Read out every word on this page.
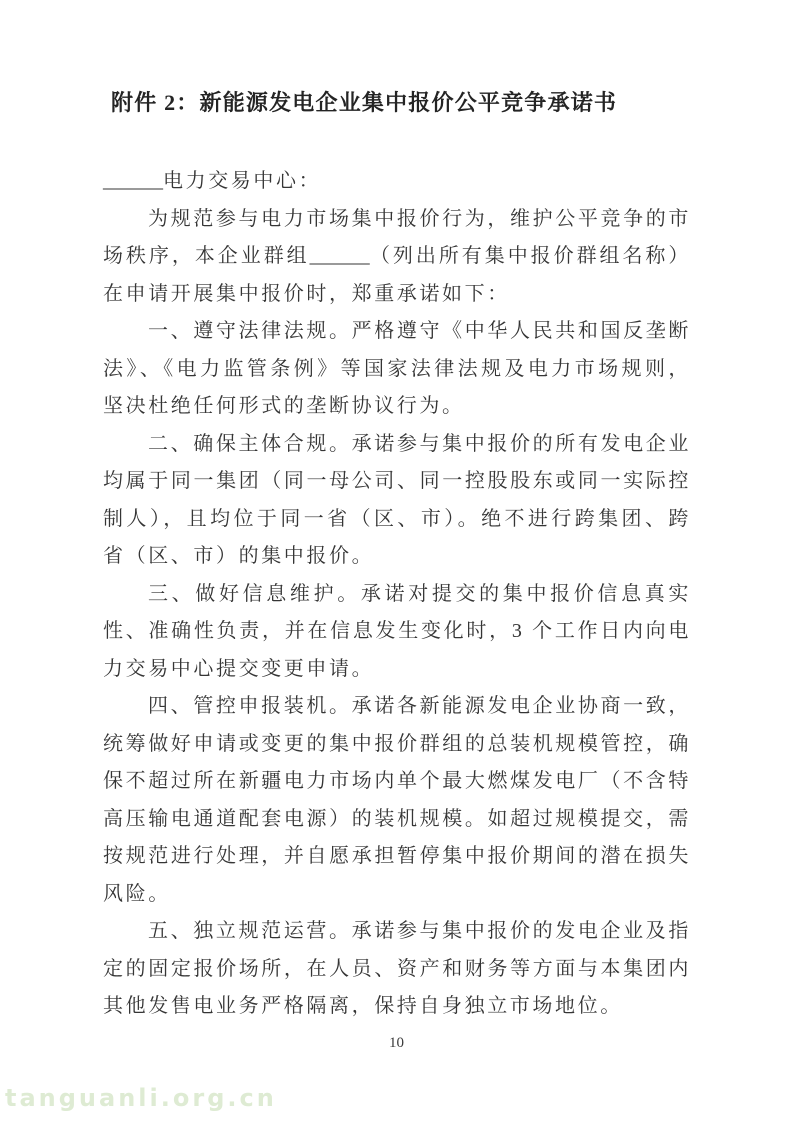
附件 2：新能源发电企业集中报价公平竞争承诺书

______电力交易中心：

为规范参与电力市场集中报价行为，维护公平竞争的市场秩序，本企业群组______（列出所有集中报价群组名称）在申请开展集中报价时，郑重承诺如下：

一、遵守法律法规。严格遵守《中华人民共和国反垄断法》、《电力监管条例》等国家法律法规及电力市场规则，坚决杜绝任何形式的垄断协议行为。

二、确保主体合规。承诺参与集中报价的所有发电企业均属于同一集团（同一母公司、同一控股股东或同一实际控制人），且均位于同一省（区、市）。绝不进行跨集团、跨省（区、市）的集中报价。

三、做好信息维护。承诺对提交的集中报价信息真实性、准确性负责，并在信息发生变化时，3 个工作日内向电力交易中心提交变更申请。

四、管控申报装机。承诺各新能源发电企业协商一致，统筹做好申请或变更的集中报价群组的总装机规模管控，确保不超过所在新疆电力市场内单个最大燃煤发电厂（不含特高压输电通道配套电源）的装机规模。如超过规模提交，需按规范进行处理，并自愿承担暂停集中报价期间的潜在损失风险。

五、独立规范运营。承诺参与集中报价的发电企业及指定的固定报价场所，在人员、资产和财务等方面与本集团内其他发售电业务严格隔离，保持自身独立市场地位。

10
tanguanli.org.cn
